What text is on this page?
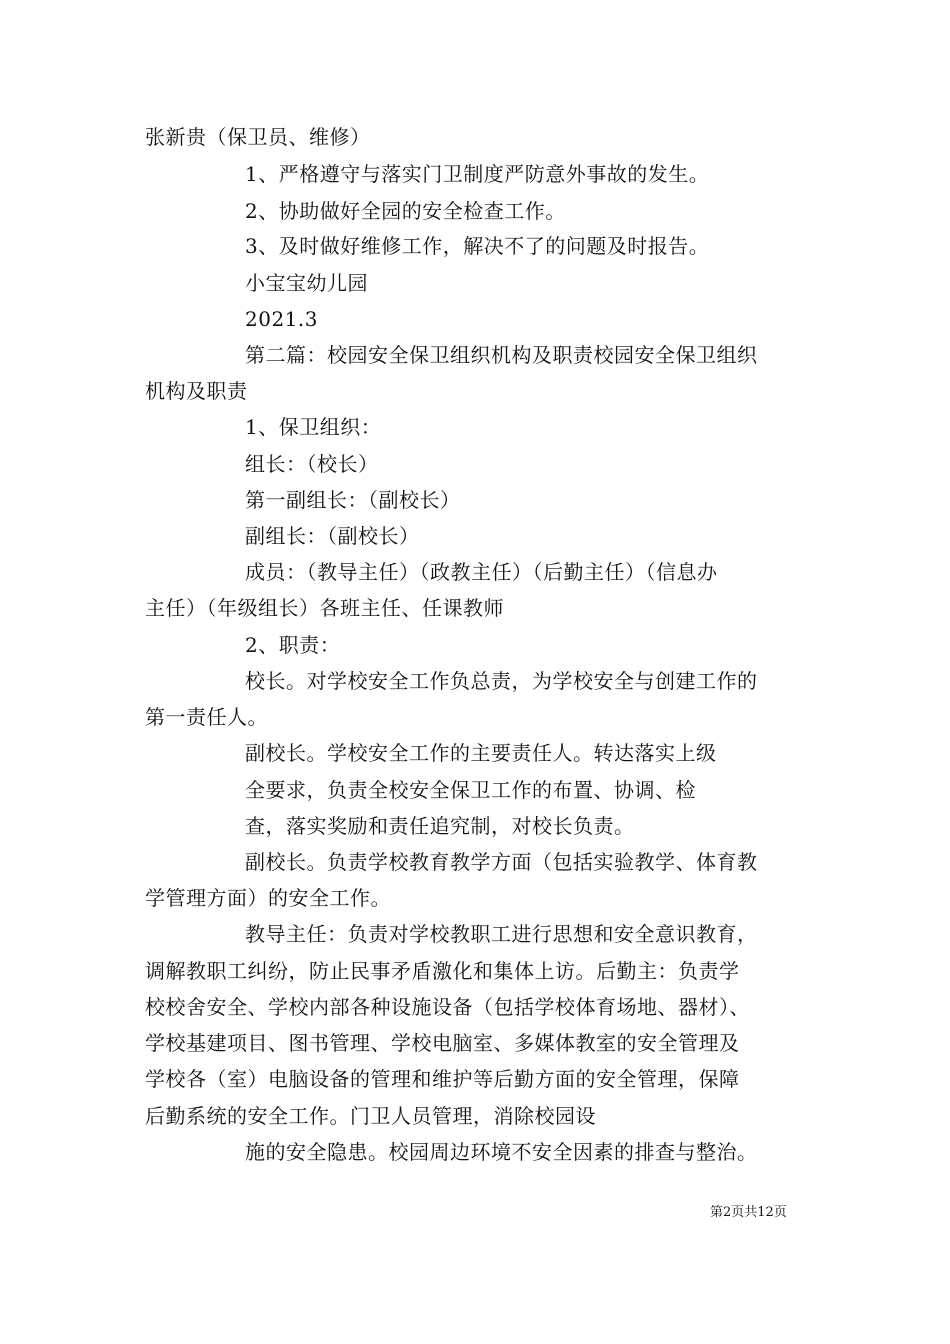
张新贵（保卫员、维修）
1、严格遵守与落实门卫制度严防意外事故的发生。
2、协助做好全园的安全检查工作。
3、及时做好维修工作，解决不了的问题及时报告。
小宝宝幼儿园
2021.3
第二篇：校园安全保卫组织机构及职责校园安全保卫组织
机构及职责
1、保卫组织：
组长：（校长）
第一副组长：（副校长）
副组长：（副校长）
成员：（教导主任）（政教主任）（后勤主任）（信息办
主任）（年级组长）各班主任、任课教师
2、职责：
校长。对学校安全工作负总责，为学校安全与创建工作的
第一责任人。
副校长。学校安全工作的主要责任人。转达落实上级
全要求，负责全校安全保卫工作的布置、协调、检
查，落实奖励和责任追究制，对校长负责。
副校长。负责学校教育教学方面（包括实验教学、体育教
学管理方面）的安全工作。
教导主任：负责对学校教职工进行思想和安全意识教育，
调解教职工纠纷，防止民事矛盾激化和集体上访。后勤主：负责学
校校舍安全、学校内部各种设施设备（包括学校体育场地、器材）、
学校基建项目、图书管理、学校电脑室、多媒体教室的安全管理及
学校各（室）电脑设备的管理和维护等后勤方面的安全管理，保障
后勤系统的安全工作。门卫人员管理，消除校园设
施的安全隐患。校园周边环境不安全因素的排查与整治。
第2页共12页
